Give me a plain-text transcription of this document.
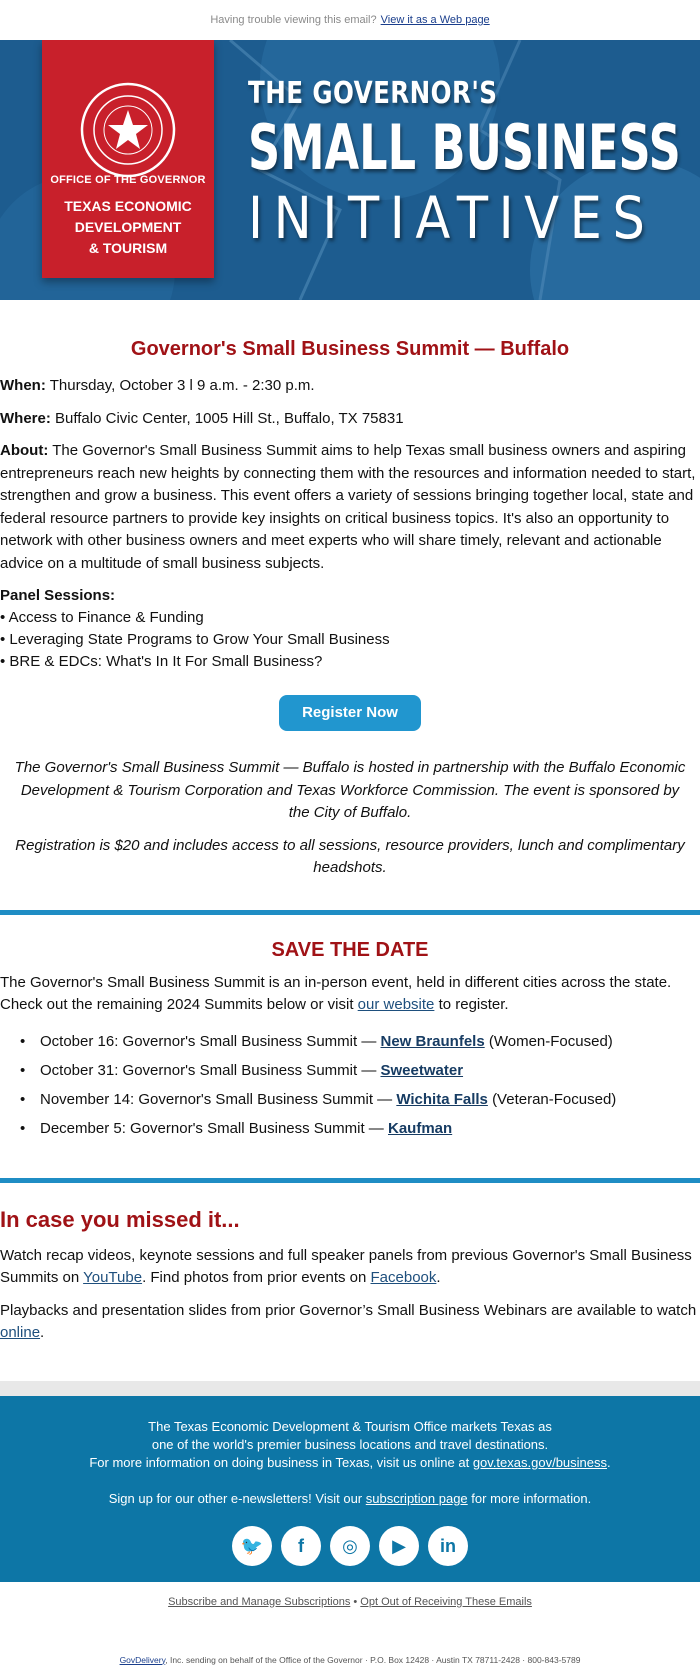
Having trouble viewing this email? View it as a Web page
OFFICE OF THE GOVERNOR
TEXAS ECONOMIC
DEVELOPMENT
& TOURISM
THE GOVERNOR'S
SMALL BUSINESS
INITIATIVES
Governor's Small Business Summit — Buffalo

When: Thursday, October 3 l 9 a.m. - 2:30 p.m.

Where: Buffalo Civic Center, 1005 Hill St., Buffalo, TX 75831

About: The Governor's Small Business Summit aims to help Texas small business owners and aspiring entrepreneurs reach new heights by connecting them with the resources and information needed to start, strengthen and grow a business. This event offers a variety of sessions bringing together local, state and federal resource partners to provide key insights on critical business topics. It's also an opportunity to network with other business owners and meet experts who will share timely, relevant and actionable advice on a multitude of small business subjects.

Panel Sessions:
• Access to Finance & Funding
• Leveraging State Programs to Grow Your Small Business
• BRE & EDCs: What's In It For Small Business?
Register Now

The Governor's Small Business Summit — Buffalo is hosted in partnership with the Buffalo Economic Development & Tourism Corporation and Texas Workforce Commission. The event is sponsored by the City of Buffalo.

Registration is $20 and includes access to all sessions, resource providers, lunch and complimentary headshots.

SAVE THE DATE

The Governor's Small Business Summit is an in-person event, held in different cities across the state. Check out the remaining 2024 Summits below or visit our website to register.

• October 16: Governor's Small Business Summit — New Braunfels (Women-Focused)
• October 31: Governor's Small Business Summit — Sweetwater
• November 14: Governor's Small Business Summit — Wichita Falls (Veteran-Focused)
• December 5: Governor's Small Business Summit — Kaufman
In case you missed it...

Watch recap videos, keynote sessions and full speaker panels from previous Governor's Small Business Summits on YouTube. Find photos from prior events on Facebook.

Playbacks and presentation slides from prior Governor’s Small Business Webinars are available to watch online.

The Texas Economic Development & Tourism Office markets Texas as
one of the world's premier business locations and travel destinations.
For more information on doing business in Texas, visit us online at gov.texas.gov/business.
Sign up for our other e-newsletters! Visit our subscription page for more information.
🐦	f	◎	▶	in
Subscribe and Manage Subscriptions • Opt Out of Receiving These Emails
GovDelivery, Inc. sending on behalf of the Office of the Governor · P.O. Box 12428 · Austin TX 78711-2428 · 800-843-5789
